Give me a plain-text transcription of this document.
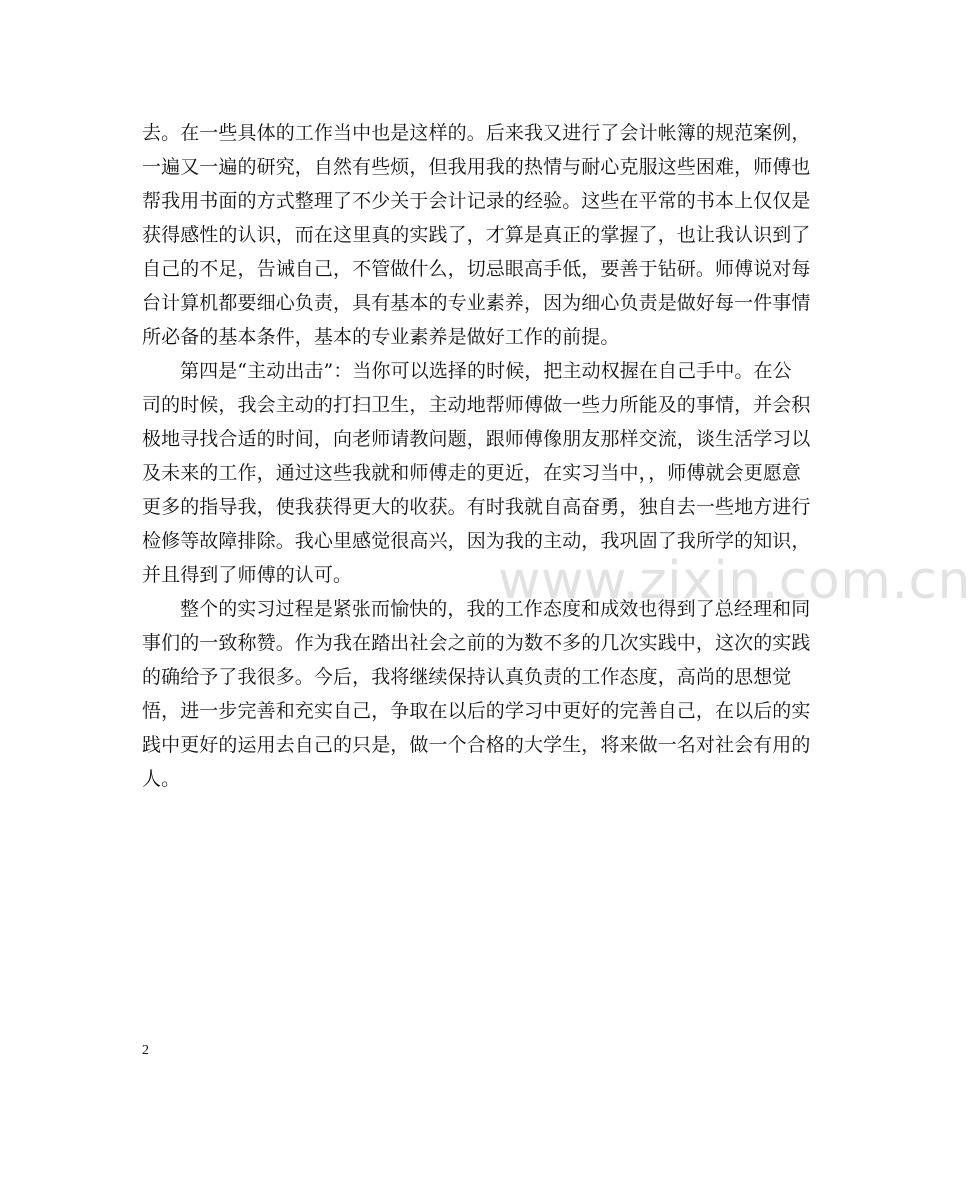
去。在一些具体的工作当中也是这样的。后来我又进行了会计帐簿的规范案例，
一遍又一遍的研究，自然有些烦，但我用我的热情与耐心克服这些困难，师傅也
帮我用书面的方式整理了不少关于会计记录的经验。这些在平常的书本上仅仅是
获得感性的认识，而在这里真的实践了，才算是真正的掌握了，也让我认识到了
自己的不足，告诫自己，不管做什么，切忌眼高手低，要善于钻研。师傅说对每
台计算机都要细心负责，具有基本的专业素养，因为细心负责是做好每一件事情
所必备的基本条件，基本的专业素养是做好工作的前提。
第四是“主动出击”：当你可以选择的时候，把主动权握在自己手中。在公
司的时候，我会主动的打扫卫生，主动地帮师傅做一些力所能及的事情，并会积
极地寻找合适的时间，向老师请教问题，跟师傅像朋友那样交流，谈生活学习以
及未来的工作，通过这些我就和师傅走的更近，在实习当中，，师傅就会更愿意
更多的指导我，使我获得更大的收获。有时我就自高奋勇，独自去一些地方进行
检修等故障排除。我心里感觉很高兴，因为我的主动，我巩固了我所学的知识，
并且得到了师傅的认可。
整个的实习过程是紧张而愉快的，我的工作态度和成效也得到了总经理和同
事们的一致称赞。作为我在踏出社会之前的为数不多的几次实践中，这次的实践
的确给予了我很多。今后，我将继续保持认真负责的工作态度，高尚的思想觉
悟，进一步完善和充实自己，争取在以后的学习中更好的完善自己，在以后的实
践中更好的运用去自己的只是，做一个合格的大学生，将来做一名对社会有用的
人。
www.zixin.com.cn
2
